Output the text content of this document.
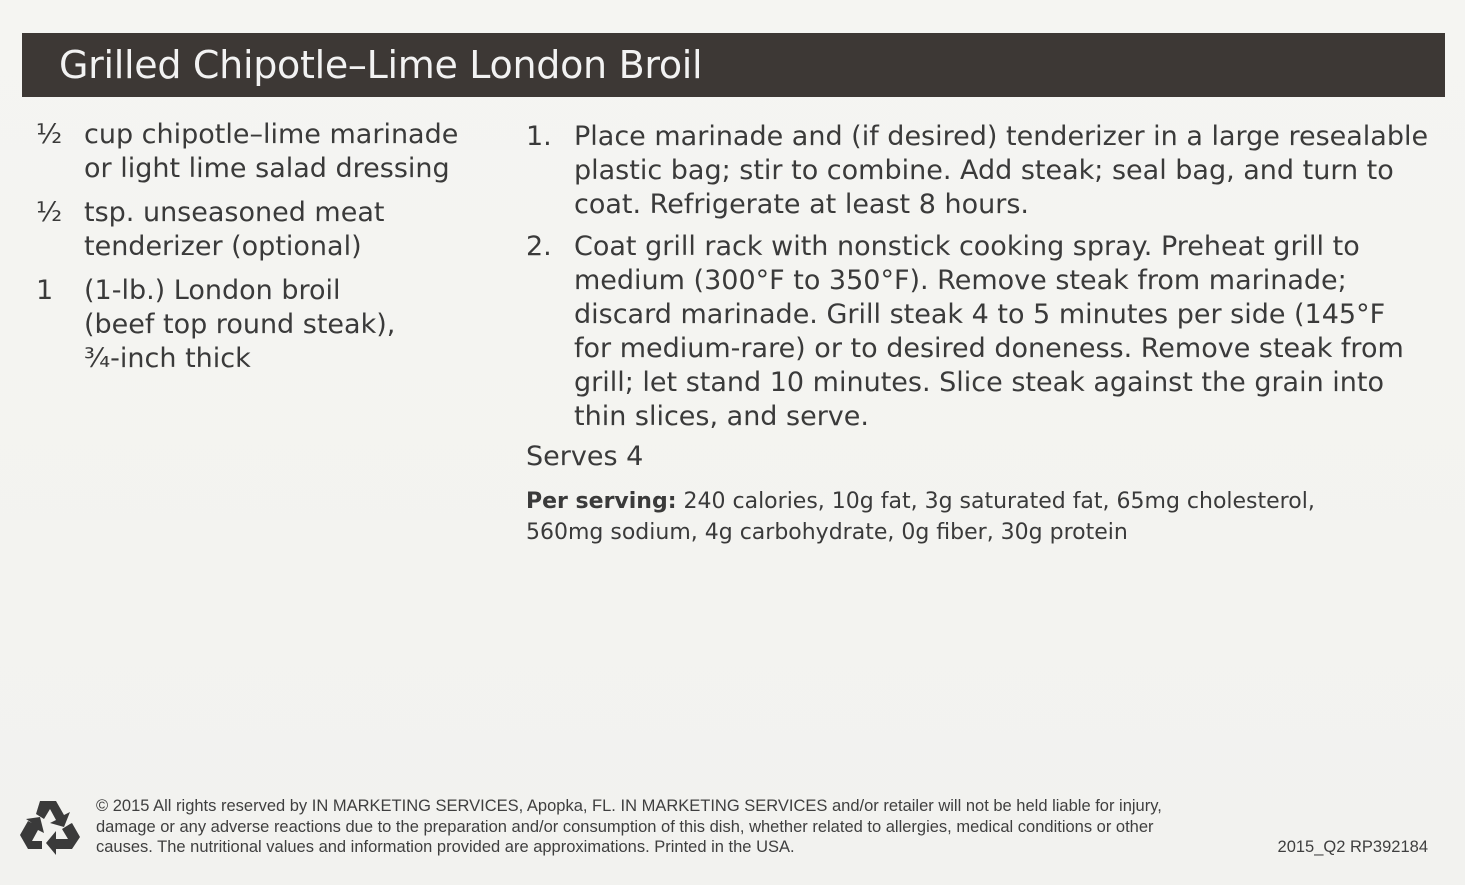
Grilled Chipotle–Lime London Broil
½ cup chipotle–lime marinade
or light lime salad dressing
½ tsp. unseasoned meat
tenderizer (optional)
1	(1-lb.) London broil
(beef top round steak),
¾-inch thick
1. Place marinade and (if desired) tenderizer in a large resealable
plastic bag; stir to combine. Add steak; seal bag, and turn to
coat. Refrigerate at least 8 hours.
2. Coat grill rack with nonstick cooking spray. Preheat grill to
medium (300°F to 350°F). Remove steak from marinade;
discard marinade. Grill steak 4 to 5 minutes per side (145°F
for medium-rare) or to desired doneness. Remove steak from
grill; let stand 10 minutes. Slice steak against the grain into
thin slices, and serve.
Serves 4
Per serving: 240 calories, 10g fat, 3g saturated fat, 65mg cholesterol,
560mg sodium, 4g carbohydrate, 0g fiber, 30g protein
© 2015 All rights reserved by IN MARKETING SERVICES, Apopka, FL. IN MARKETING SERVICES and/or retailer will not be held liable for injury,
damage or any adverse reactions due to the preparation and/or consumption of this dish, whether related to allergies, medical conditions or other
causes. The nutritional values and information provided are approximations. Printed in the USA.	2015_Q2 RP392184
